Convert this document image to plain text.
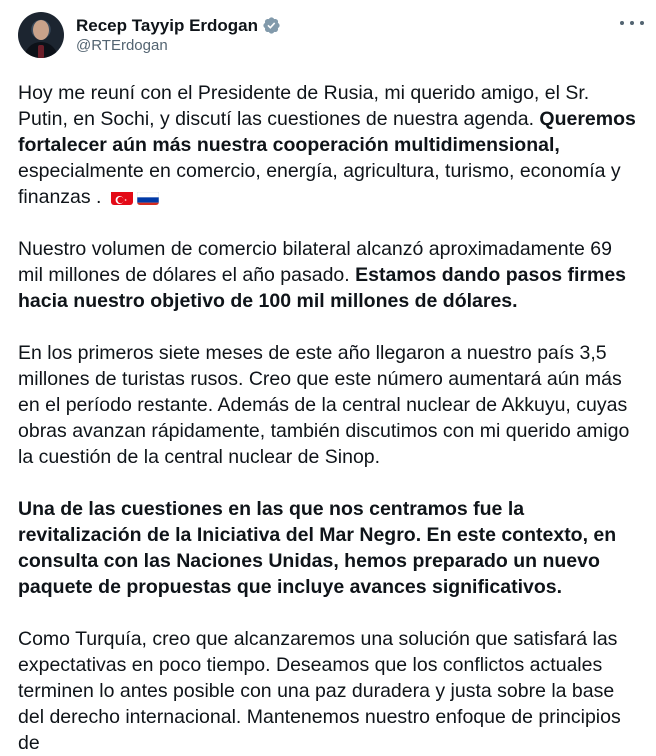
Recep Tayyip Erdogan
@RTErdogan

Hoy me reuní con el Presidente de Rusia, mi querido amigo, el Sr. Putin, en Sochi, y discutí las cuestiones de nuestra agenda. Queremos fortalecer aún más nuestra cooperación multidimensional, especialmente en comercio, energía, agricultura, turismo, economía y finanzas .

Nuestro volumen de comercio bilateral alcanzó aproximadamente 69 mil millones de dólares el año pasado. Estamos dando pasos firmes hacia nuestro objetivo de 100 mil millones de dólares.

En los primeros siete meses de este año llegaron a nuestro país 3,5 millones de turistas rusos. Creo que este número aumentará aún más en el período restante. Además de la central nuclear de Akkuyu, cuyas obras avanzan rápidamente, también discutimos con mi querido amigo la cuestión de la central nuclear de Sinop.

Una de las cuestiones en las que nos centramos fue la revitalización de la Iniciativa del Mar Negro. En este contexto, en consulta con las Naciones Unidas, hemos preparado un nuevo paquete de propuestas que incluye avances significativos.

Como Turquía, creo que alcanzaremos una solución que satisfará las expectativas en poco tiempo. Deseamos que los conflictos actuales terminen lo antes posible con una paz duradera y justa sobre la base del derecho internacional. Mantenemos nuestro enfoque de principios de
